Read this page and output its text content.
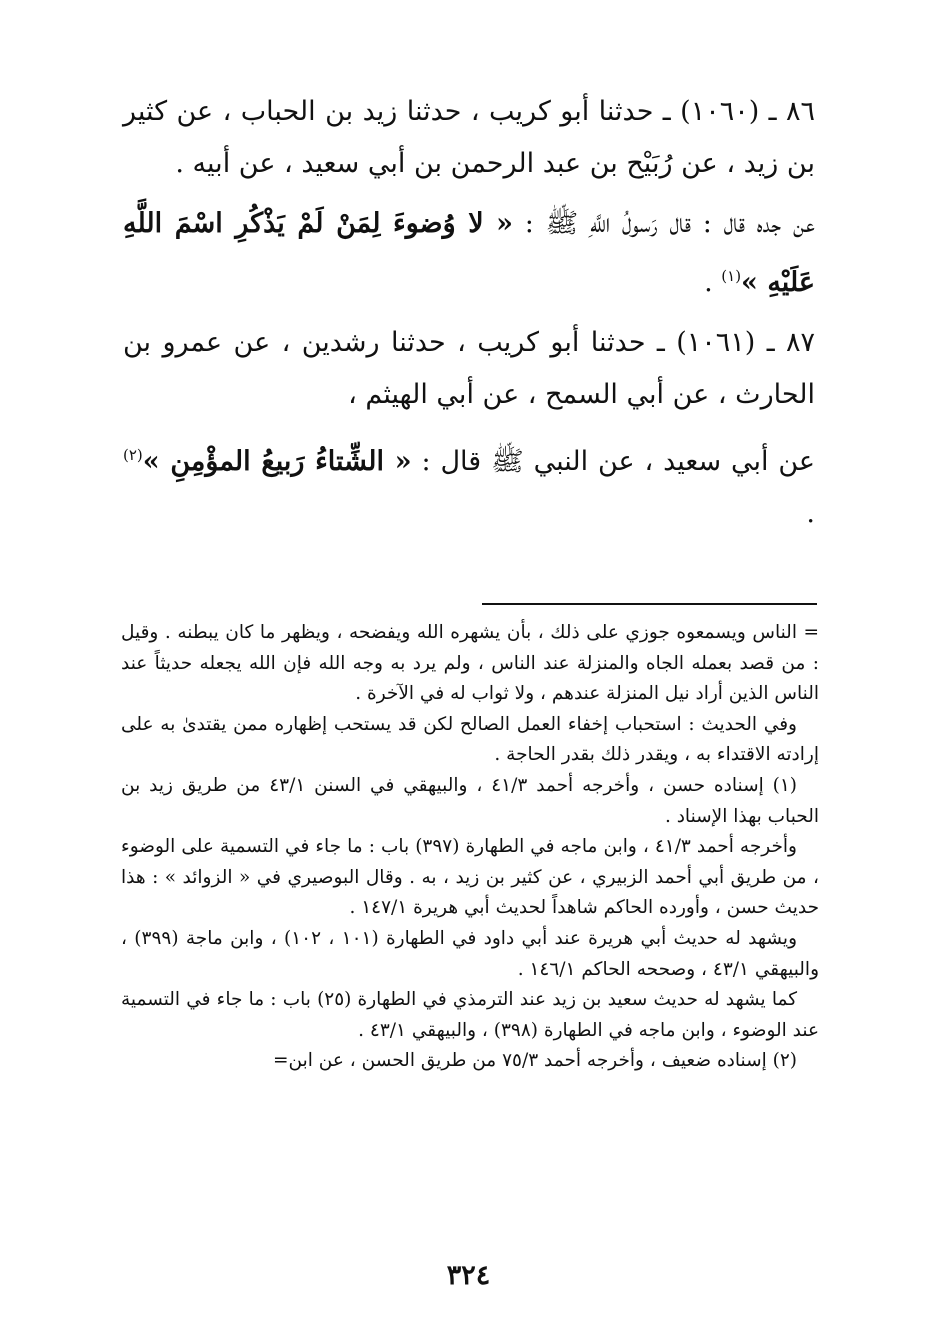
٨٦ ـ (١٠٦٠) ـ حدثنا أبو كريب ، حدثنا زيد بن الحباب ، عن كثير بن زيد ، عن رُبَيْح بن عبد الرحمن بن أبي سعيد ، عن أبيه .

عن جده قال : قال رَسولُ اللَّهِ ﷺ : « لا وُضوءَ لِمَنْ لَمْ يَذْكُرِ اسْمَ اللَّهِ عَلَيْهِ »$^{(١)}$ .

٨٧ ـ (١٠٦١) ـ حدثنا أبو كريب ، حدثنا رشدين ، عن عمرو بن الحارث ، عن أبي السمح ، عن أبي الهيثم ،

عن أبي سعيد ، عن النبي ﷺ قال : « الشِّتاءُ رَبيعُ المؤْمِنِ »$^{(٢)}$ .

= الناس ويسمعوه جوزي على ذلك ، بأن يشهره الله ويفضحه ، ويظهر ما كان يبطنه . وقيل : من قصد بعمله الجاه والمنزلة عند الناس ، ولم يرد به وجه الله فإن الله يجعله حديثاً عند الناس الذين أراد نيل المنزلة عندهم ، ولا ثواب له في الآخرة .

وفي الحديث : استحباب إخفاء العمل الصالح لكن قد يستحب إظهاره ممن يقتدىٰ به على إرادته الاقتداء به ، ويقدر ذلك بقدر الحاجة .

(١) إسناده حسن ، وأخرجه أحمد ٤١/٣ ، والبيهقي في السنن ٤٣/١ من طريق زيد بن الحباب بهذا الإسناد .

وأخرجه أحمد ٤١/٣ ، وابن ماجه في الطهارة (٣٩٧) باب : ما جاء في التسمية على الوضوء ، من طريق أبي أحمد الزبيري ، عن كثير بن زيد ، به . وقال البوصيري في « الزوائد » : هذا حديث حسن ، وأورده الحاكم شاهداً لحديث أبي هريرة ١٤٧/١ .

ويشهد له حديث أبي هريرة عند أبي داود في الطهارة (١٠١ ، ١٠٢) ، وابن ماجة (٣٩٩) ، والبيهقي ٤٣/١ ، وصححه الحاكم ١٤٦/١ .

كما يشهد له حديث سعيد بن زيد عند الترمذي في الطهارة (٢٥) باب : ما جاء في التسمية عند الوضوء ، وابن ماجه في الطهارة (٣٩٨) ، والبيهقي ٤٣/١ .

(٢) إسناده ضعيف ، وأخرجه أحمد ٧٥/٣ من طريق الحسن ، عن ابن=

٣٢٤
